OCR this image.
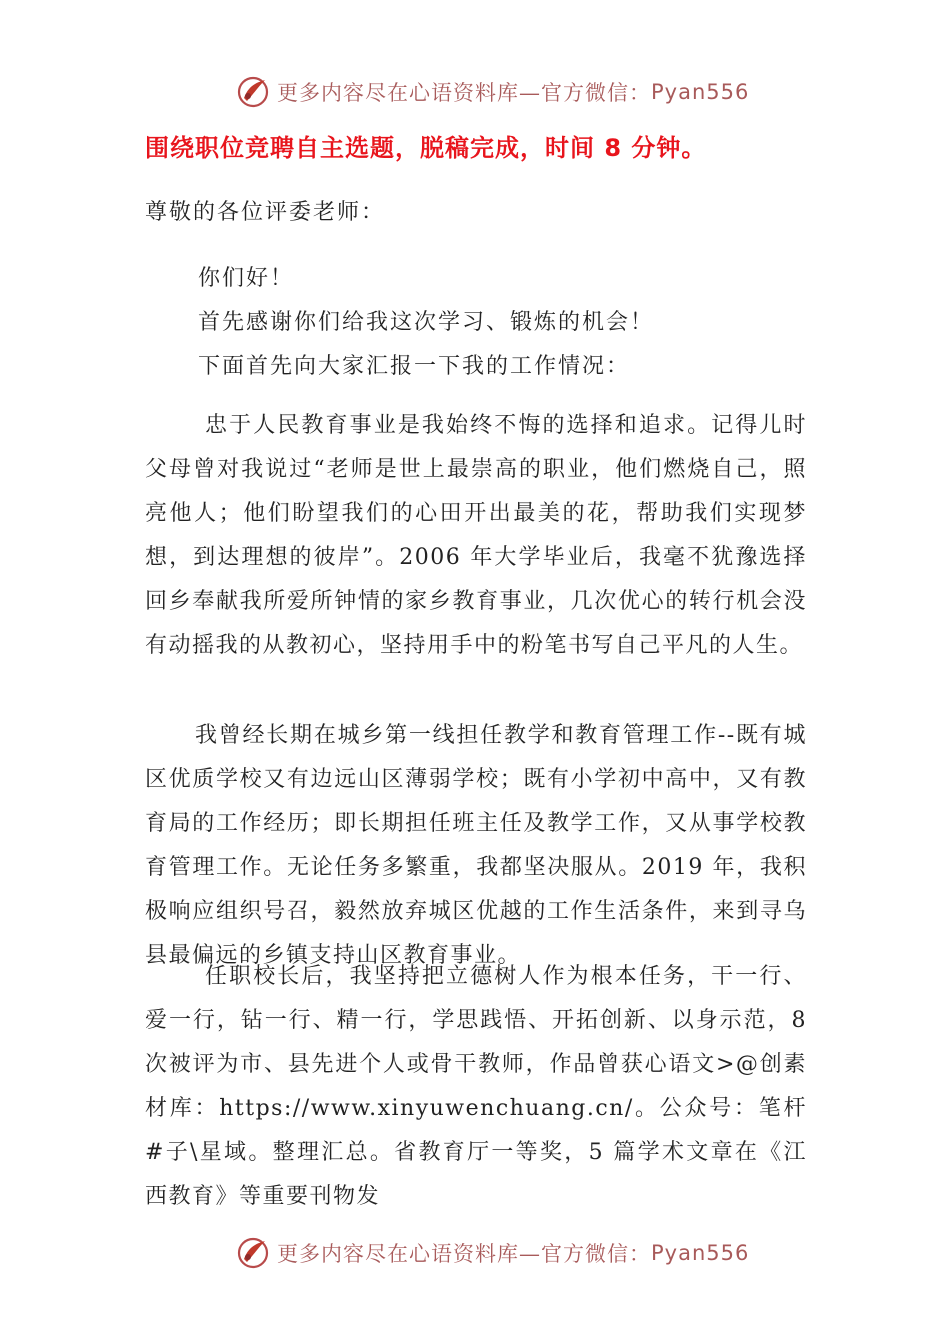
更多内容尽在心语资料库—官方微信： Pyan556
围绕职位竞聘自主选题，脱稿完成，时间 8 分钟。
尊敬的各位评委老师：
你们好！
首先感谢你们给我这次学习、锻炼的机会！
下面首先向大家汇报一下我的工作情况：
忠于人民教育事业是我始终不悔的选择和追求。记得儿时父母曾对我说过“老师是世上最崇高的职业，他们燃烧自己，照亮他人；他们盼望我们的心田开出最美的花，帮助我们实现梦想，到达理想的彼岸”。2006 年大学毕业后，我毫不犹豫选择回乡奉献我所爱所钟情的家乡教育事业，几次优心的转行机会没有动摇我的从教初心，坚持用手中的粉笔书写自己平凡的人生。
我曾经长期在城乡第一线担任教学和教育管理工作--既有城区优质学校又有边远山区薄弱学校；既有小学初中高中，又有教育局的工作经历；即长期担任班主任及教学工作，又从事学校教育管理工作。无论任务多繁重，我都坚决服从。2019 年，我积极响应组织号召，毅然放弃城区优越的工作生活条件，来到寻乌县最偏远的乡镇支持山区教育事业。
任职校长后，我坚持把立德树人作为根本任务，干一行、爱一行，钻一行、精一行，学思践悟、开拓创新、以身示范，8 次被评为市、县先进个人或骨干教师，作品曾获心语文>@创素材库：https://www.xinyuwenchuang.cn/。公众号：笔杆#子\星域。整理汇总。省教育厅一等奖，5 篇学术文章在《江西教育》等重要刊物发
更多内容尽在心语资料库—官方微信： Pyan556
